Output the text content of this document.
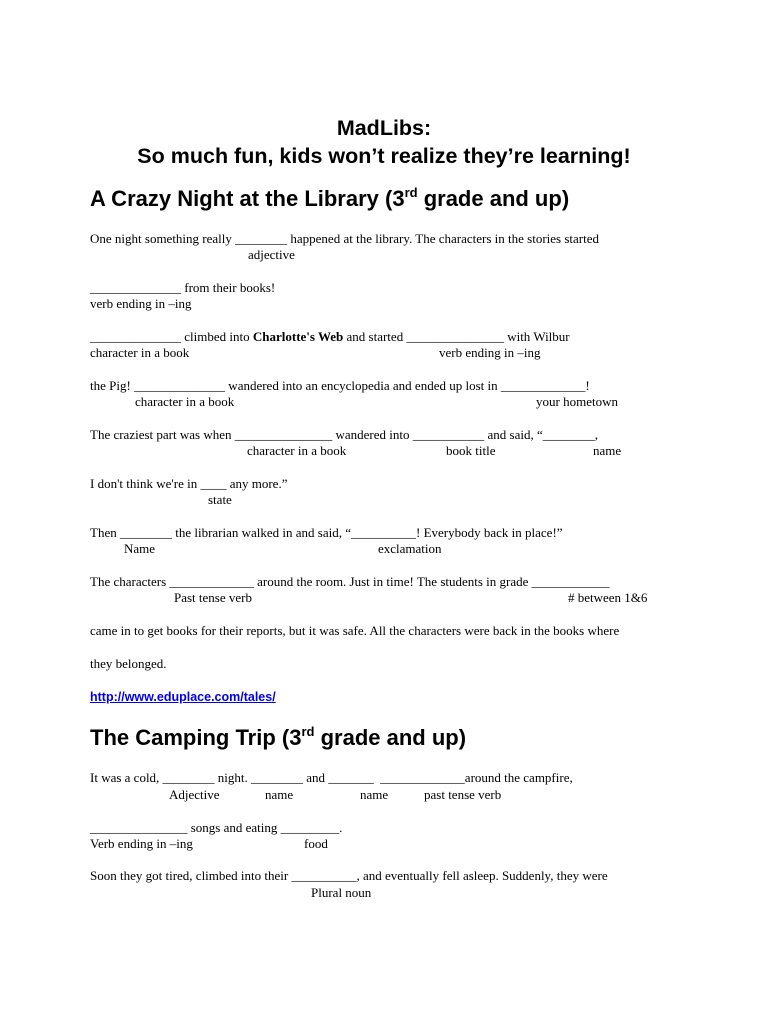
MadLibs:

So much fun, kids won’t realize they’re learning!

A Crazy Night at the Library (3rd grade and up)

One night something really ________ happened at the library. The characters in the stories started

adjective

______________ from their books!

verb ending in –ing

______________ climbed into Charlotte's Web and started _______________ with Wilbur

character in a book	verb ending in –ing

the Pig! ______________ wandered into an encyclopedia and ended up lost in _____________!

character in a book	your hometown

The craziest part was when _______________ wandered into ___________ and said, “________,

character in a book	book title	name

I don't think we're in ____ any more.”

state

Then ________ the librarian walked in and said, “__________! Everybody back in place!”

Name	exclamation

The characters _____________ around the room. Just in time! The students in grade ____________

Past tense verb	# between 1&6

came in to get books for their reports, but it was safe. All the characters were back in the books where

they belonged.

http://www.eduplace.com/tales/
The Camping Trip (3rd grade and up)

It was a cold, ________ night. ________ and _______  _____________around the campfire,

Adjective	name	name	past tense verb

_______________ songs and eating _________.

Verb ending in –ing	food

Soon they got tired, climbed into their __________, and eventually fell asleep. Suddenly, they were

Plural noun
